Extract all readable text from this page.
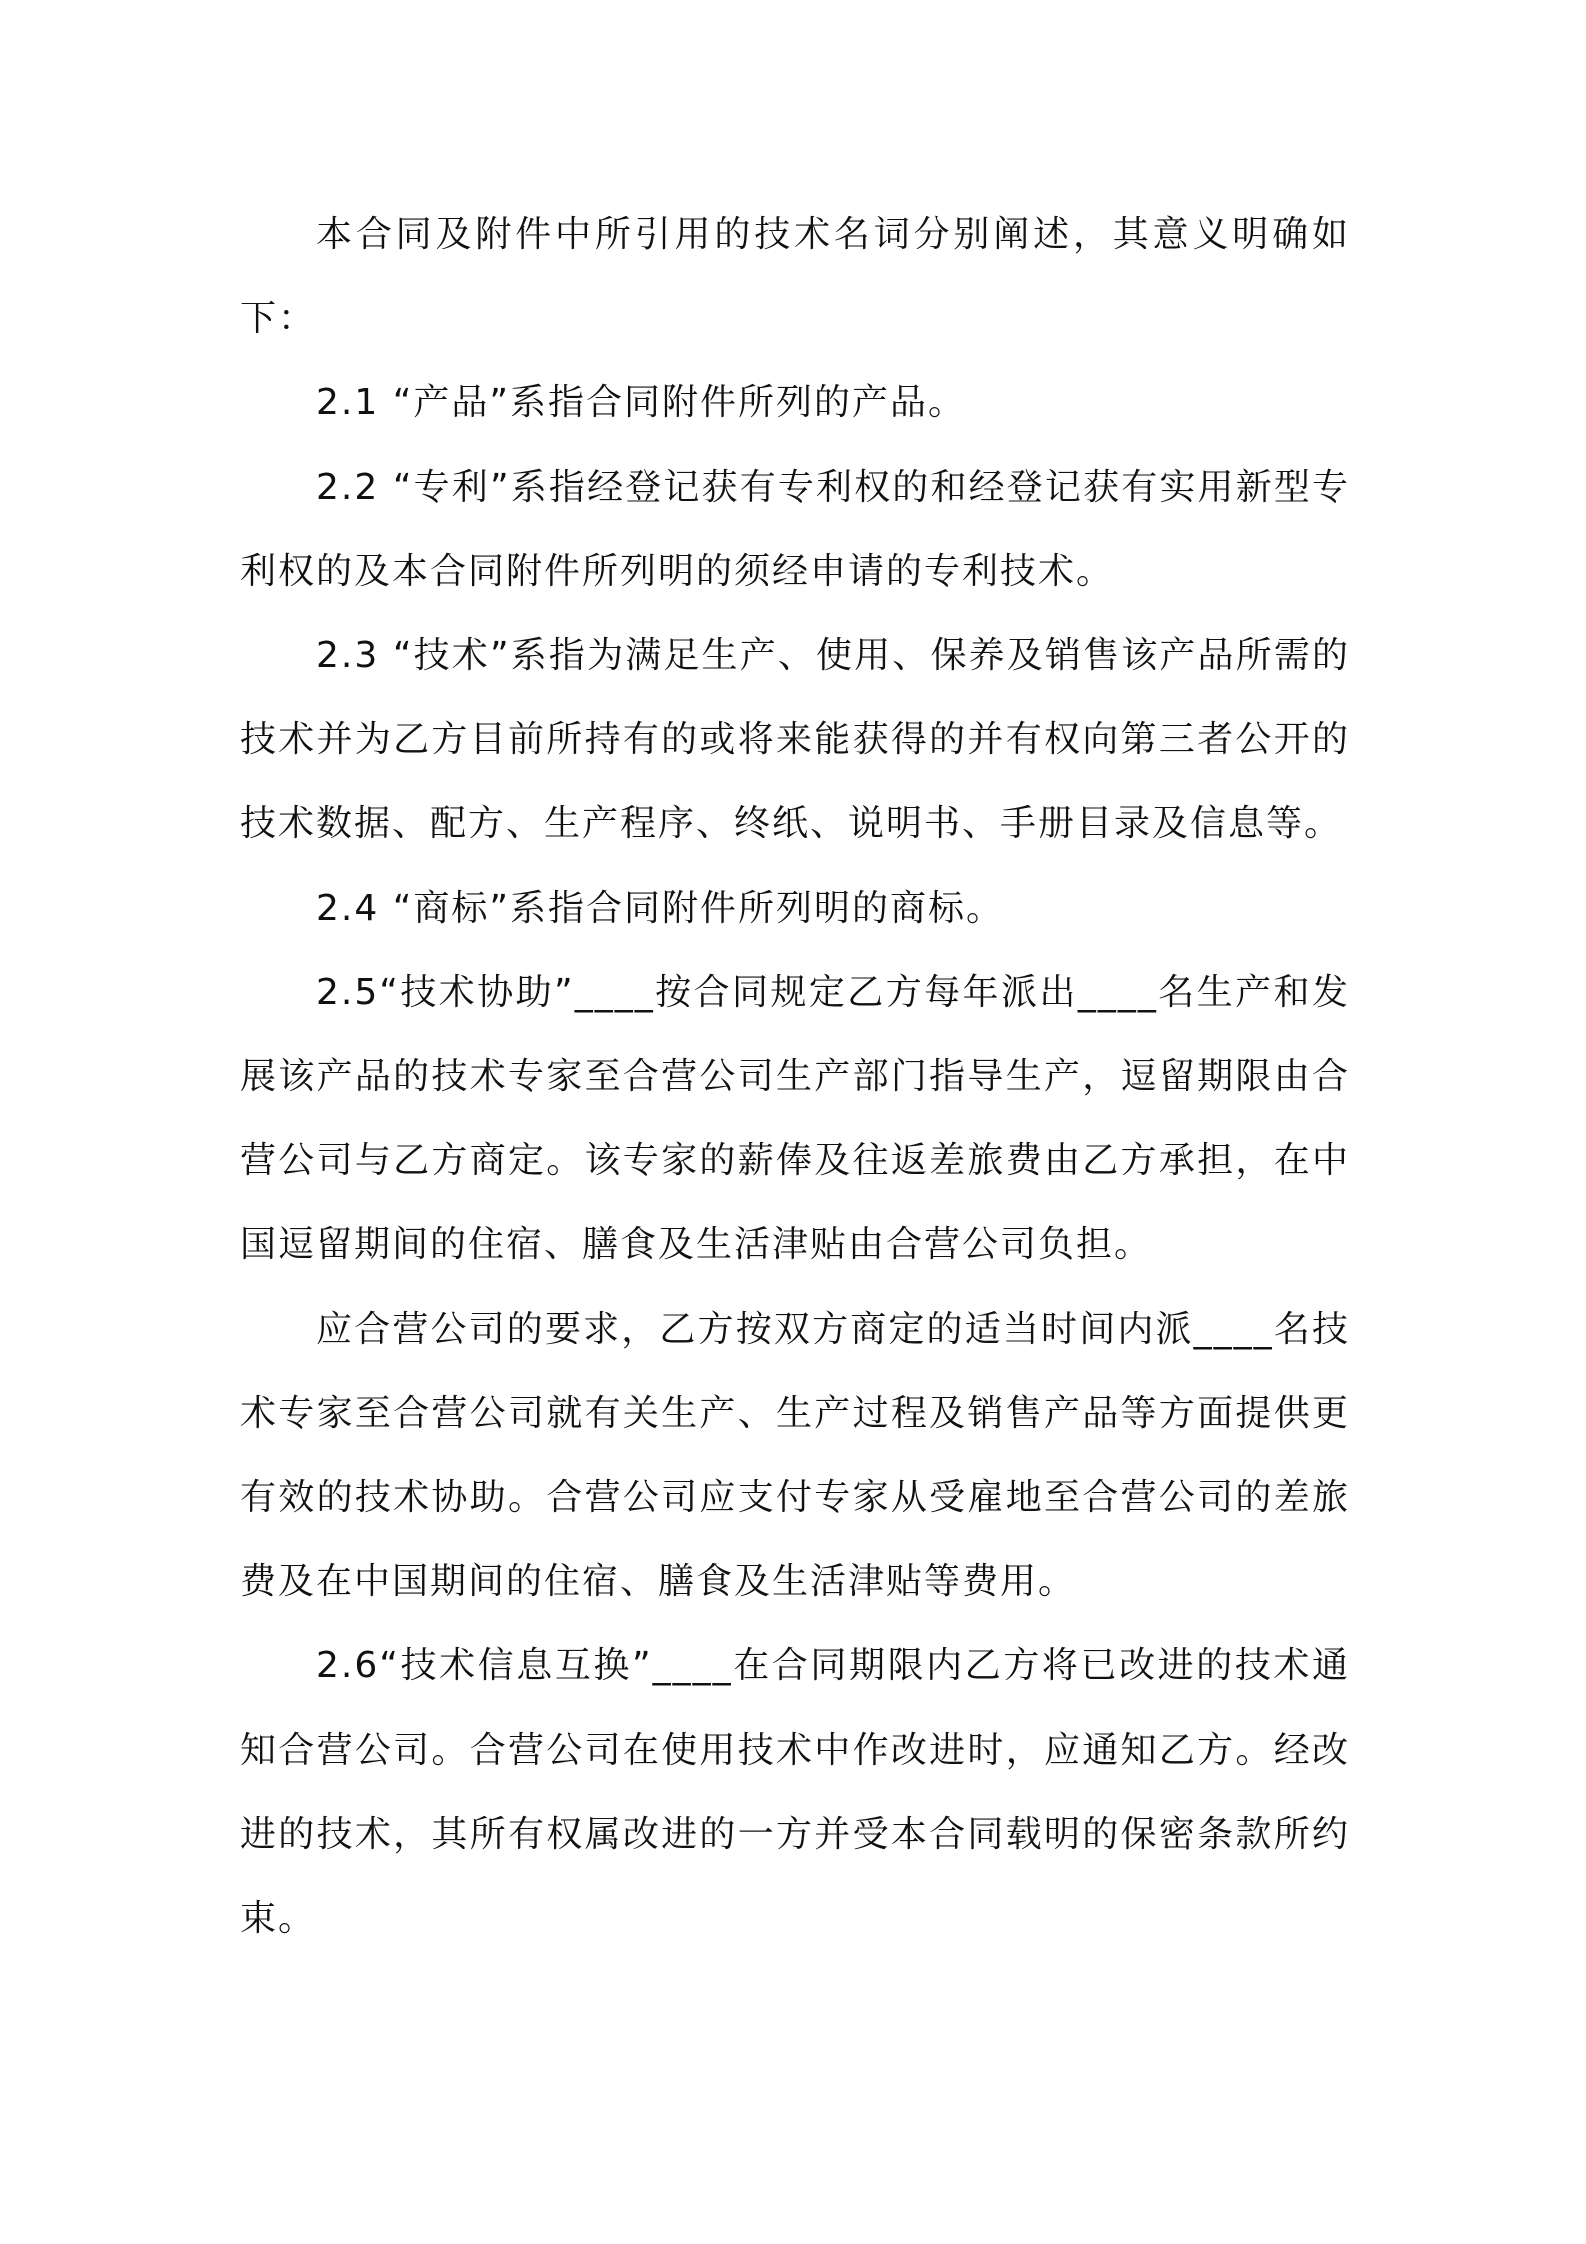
本合同及附件中所引用的技术名词分别阐述，其意义明确如下：

2.1 “产品”系指合同附件所列的产品。

2.2 “专利”系指经登记获有专利权的和经登记获有实用新型专利权的及本合同附件所列明的须经申请的专利技术。

2.3 “技术”系指为满足生产、使用、保养及销售该产品所需的技术并为乙方目前所持有的或将来能获得的并有权向第三者公开的技术数据、配方、生产程序、终纸、说明书、手册目录及信息等。

2.4 “商标”系指合同附件所列明的商标。

2.5“技术协助”____按合同规定乙方每年派出____名生产和发展该产品的技术专家至合营公司生产部门指导生产，逗留期限由合营公司与乙方商定。该专家的薪俸及往返差旅费由乙方承担，在中国逗留期间的住宿、膳食及生活津贴由合营公司负担。

应合营公司的要求，乙方按双方商定的适当时间内派____名技术专家至合营公司就有关生产、生产过程及销售产品等方面提供更有效的技术协助。合营公司应支付专家从受雇地至合营公司的差旅费及在中国期间的住宿、膳食及生活津贴等费用。

2.6“技术信息互换”____在合同期限内乙方将已改进的技术通知合营公司。合营公司在使用技术中作改进时，应通知乙方。经改进的技术，其所有权属改进的一方并受本合同载明的保密条款所约束。
